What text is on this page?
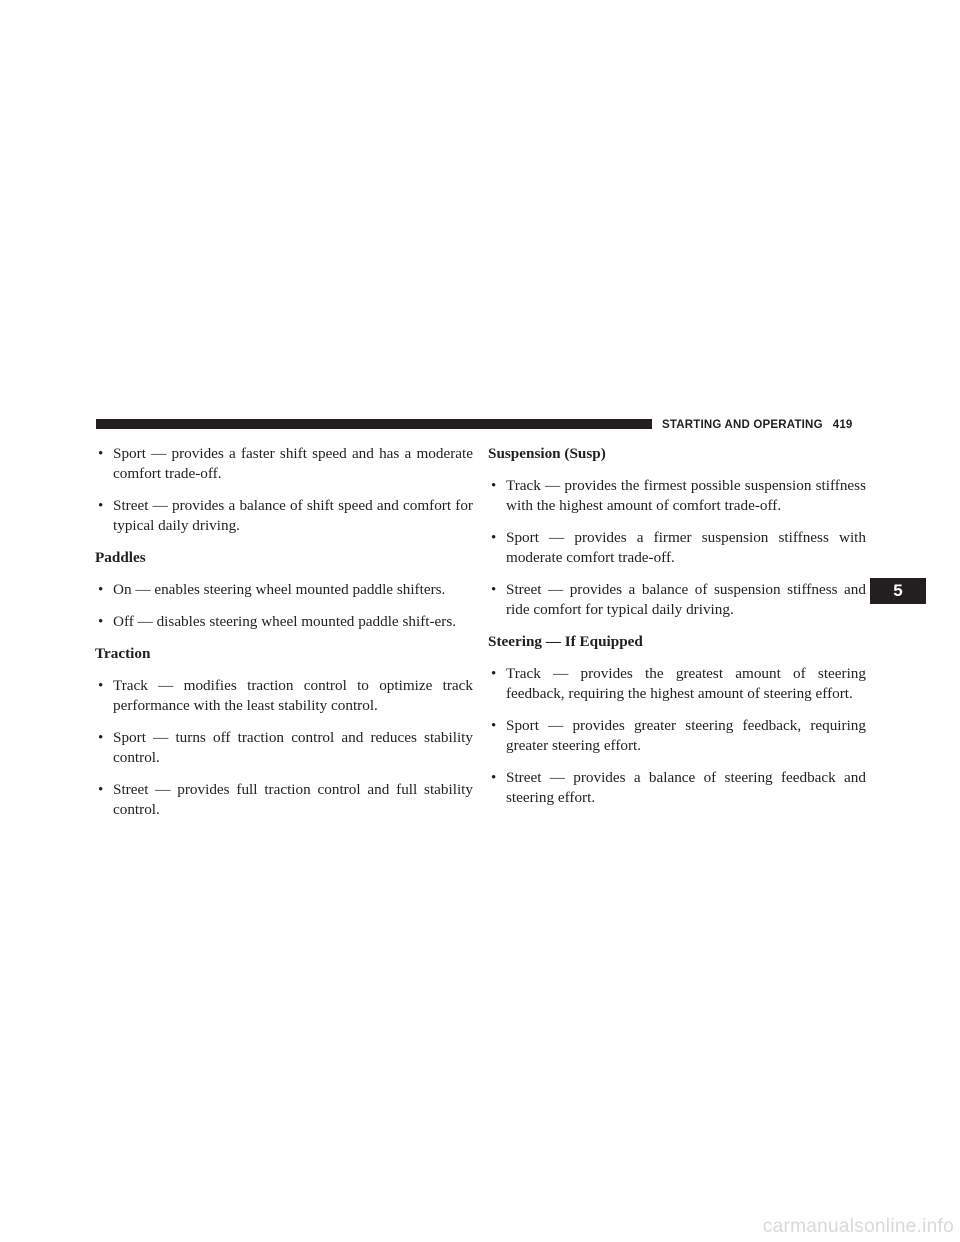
STARTING AND OPERATING 419
• Sport — provides a faster shift speed and has a moderate comfort trade-off.
• Street — provides a balance of shift speed and comfort for typical daily driving.
Paddles
• On — enables steering wheel mounted paddle shifters.
• Off — disables steering wheel mounted paddle shift-ers.
Traction
• Track — modifies traction control to optimize track performance with the least stability control.
• Sport — turns off traction control and reduces stability control.
• Street — provides full traction control and full stability control.
Suspension (Susp)
• Track — provides the firmest possible suspension stiffness with the highest amount of comfort trade-off.
• Sport — provides a firmer suspension stiffness with moderate comfort trade-off.
• Street — provides a balance of suspension stiffness and ride comfort for typical daily driving.
Steering — If Equipped
• Track — provides the greatest amount of steering feedback, requiring the highest amount of steering effort.
• Sport — provides greater steering feedback, requiring greater steering effort.
• Street — provides a balance of steering feedback and steering effort.
5
carmanualsonline.info
